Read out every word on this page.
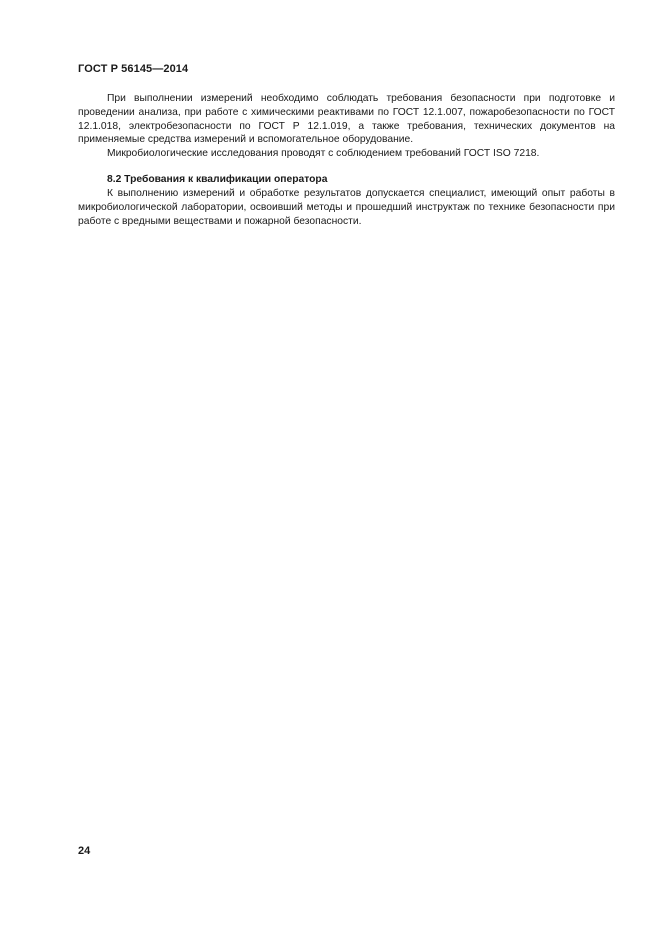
ГОСТ Р 56145—2014

При выполнении измерений необходимо соблюдать требования безопасности при подготовке и проведении анализа, при работе с химическими реактивами по ГОСТ 12.1.007, пожаробезопасности по ГОСТ 12.1.018, электробезопасности по ГОСТ Р 12.1.019, а также требования, технических документов на применяемые средства измерений и вспомогательное оборудование.

Микробиологические исследования проводят с соблюдением требований ГОСТ ISO 7218.

8.2 Требования к квалификации оператора

К выполнению измерений и обработке результатов допускается специалист, имеющий опыт работы в микробиологической лаборатории, освоивший методы и прошедший инструктаж по технике безопасности при работе с вредными веществами и пожарной безопасности.

24
